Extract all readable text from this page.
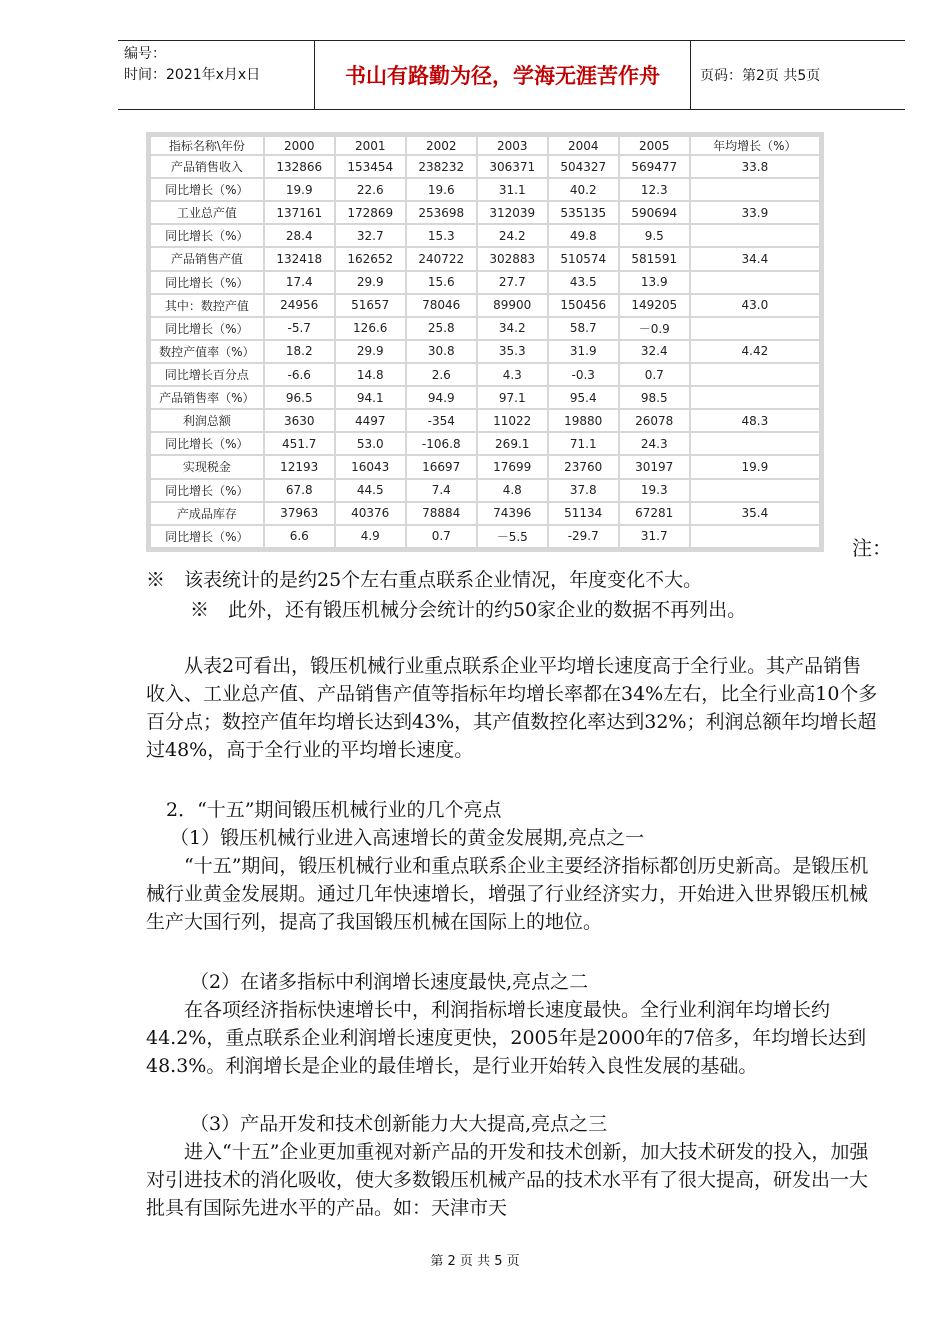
编号：
时间：2021年x月x日	书山有路勤为径，学海无涯苦作舟	页码：第2页 共5页
指标名称\年份	2000	2001	2002	2003	2004	2005	年均增长（%）
产品销售收入	132866	153454	238232	306371	504327	569477	33.8
同比增长（%）	19.9	22.6	19.6	31.1	40.2	12.3	
工业总产值	137161	172869	253698	312039	535135	590694	33.9
同比增长（%）	28.4	32.7	15.3	24.2	49.8	9.5	
产品销售产值	132418	162652	240722	302883	510574	581591	34.4
同比增长（%）	17.4	29.9	15.6	27.7	43.5	13.9	
其中：数控产值	24956	51657	78046	89900	150456	149205	43.0
同比增长（%）	-5.7	126.6	25.8	34.2	58.7	－0.9	
数控产值率（%）	18.2	29.9	30.8	35.3	31.9	32.4	4.42
同比增长百分点	-6.6	14.8	2.6	4.3	-0.3	0.7	
产品销售率（%）	96.5	94.1	94.9	97.1	95.4	98.5	
利润总额	3630	4497	-354	11022	19880	26078	48.3
同比增长（%）	451.7	53.0	-106.8	269.1	71.1	24.3	
实现税金	12193	16043	16697	17699	23760	30197	19.9
同比增长（%）	67.8	44.5	7.4	4.8	37.8	19.3	
产成品库存	37963	40376	78884	74396	51134	67281	35.4
同比增长（%）	6.6	4.9	0.7	－5.5	-29.7	31.7		注：
※　该表统计的是约25个左右重点联系企业情况，年度变化不大。
※　此外，还有锻压机械分会统计的约50家企业的数据不再列出。
从表2可看出，锻压机械行业重点联系企业平均增长速度高于全行业。其产品销售收入、工业总产值、产品销售产值等指标年均增长率都在34%左右，比全行业高10个多百分点；数控产值年均增长达到43%，其产值数控化率达到32%；利润总额年均增长超过48%，高于全行业的平均增长速度。
2．“十五”期间锻压机械行业的几个亮点
（1）锻压机械行业进入高速增长的黄金发展期,亮点之一
“十五”期间，锻压机械行业和重点联系企业主要经济指标都创历史新高。是锻压机械行业黄金发展期。通过几年快速增长，增强了行业经济实力，开始进入世界锻压机械生产大国行列，提高了我国锻压机械在国际上的地位。
（2）在诸多指标中利润增长速度最快,亮点之二
在各项经济指标快速增长中，利润指标增长速度最快。全行业利润年均增长约44.2%，重点联系企业利润增长速度更快，2005年是2000年的7倍多，年均增长达到48.3%。利润增长是企业的最佳增长，是行业开始转入良性发展的基础。
（3）产品开发和技术创新能力大大提高,亮点之三
进入“十五”企业更加重视对新产品的开发和技术创新，加大技术研发的投入，加强对引进技术的消化吸收，使大多数锻压机械产品的技术水平有了很大提高，研发出一大批具有国际先进水平的产品。如：天津市天
第 2 页 共 5 页
